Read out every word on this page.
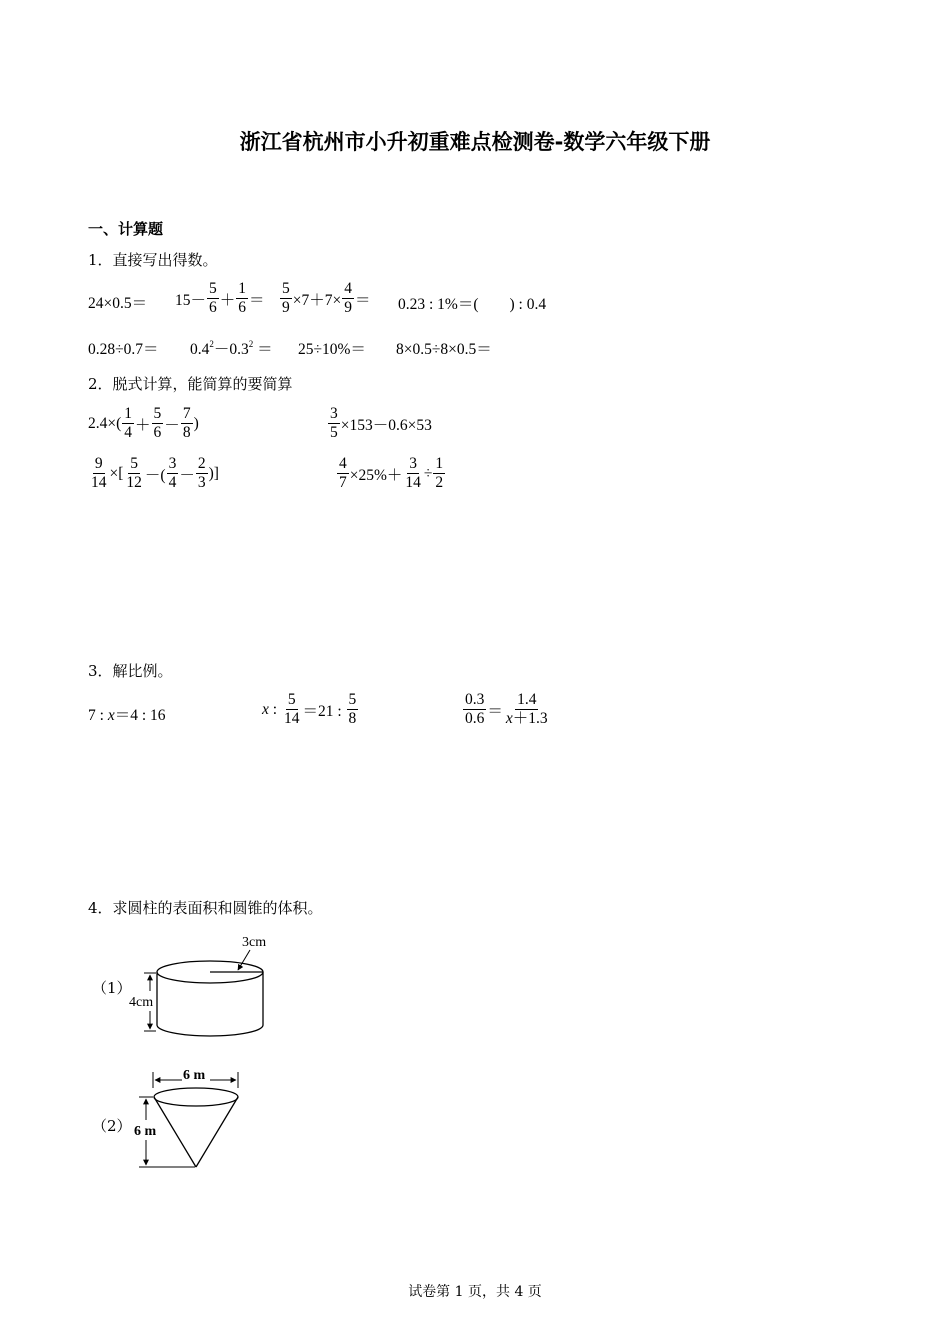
浙江省杭州市小升初重难点检测卷-数学六年级下册
一、计算题
1．直接写出得数。
$24\times 0.5= 15- \frac{5}{6} + \frac{1}{6} = \frac{5}{9} \times 7+7\times \frac{4}{9} = 0.23$ : 1%＝(　　) : 0.4
$0.28\div 0.7= 0.4^2-0.3^2 = 25\div 10\%= 8\times 0.5\div 8\times 0.5=$
2．脱式计算，能简算的要简算
$2.4\times( \frac{1}{4} + \frac{5}{6} - \frac{7}{8}$ )	$\frac{3}{5} \times 153-0.6\times 53$
$\frac{9}{14}$ ×[ $\frac{5}{12}$ －( $\frac{3}{4} - \frac{2}{3}$ )]	$\frac{4}{7} \times 25\%+ \frac{3}{14} \div \frac{1}{2}$
3．解比例。
7 : x＝4 : 16	x : $\frac{5}{14} =21$ : $\frac{5}{8}$	$\frac{0.3}{0.6} = \frac{1.4}{x+1.3}$
4．求圆柱的表面积和圆锥的体积。
（1）
（2）
3cm
4cm
6 m
6 m
试卷第 1 页，共 4 页
